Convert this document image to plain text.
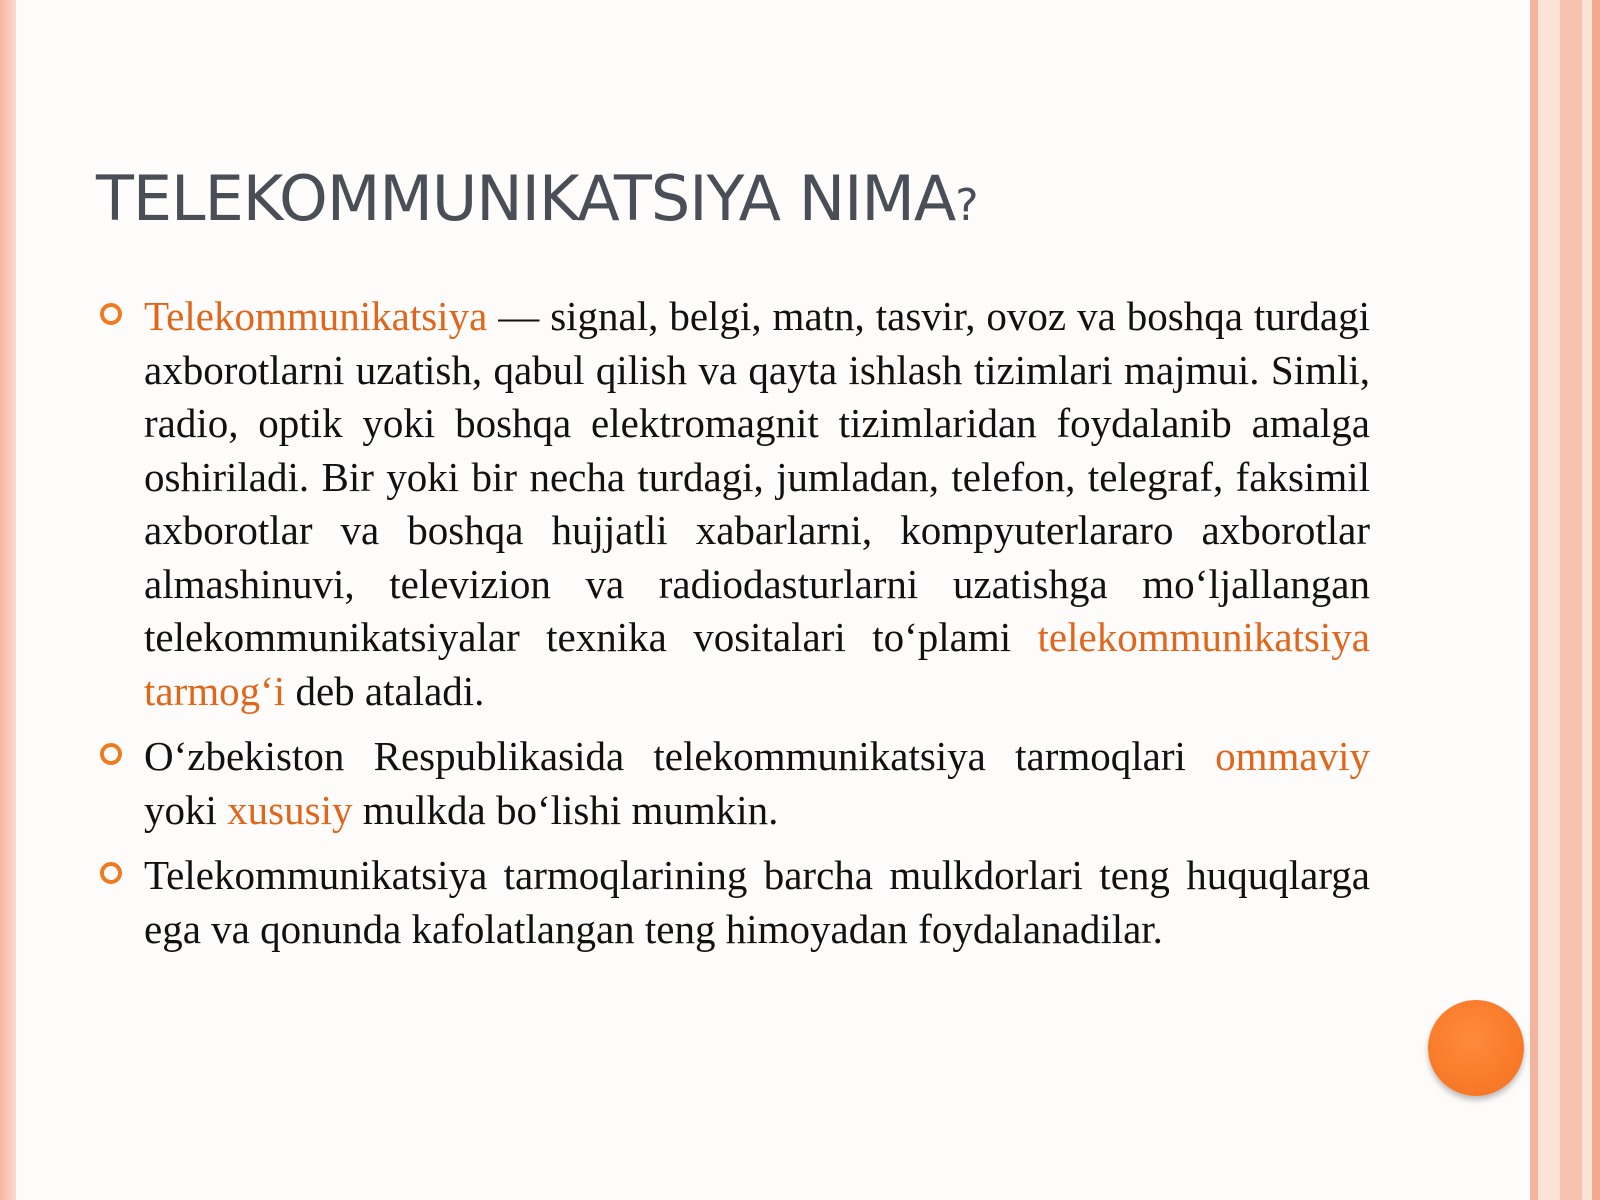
TELEKOMMUNIKATSIYA NIMA?
Telekommunikatsiya — signal, belgi, matn, tasvir, ovoz va boshqa turdagi axborotlarni uzatish, qabul qilish va qayta ishlash tizimlari majmui. Simli, radio, optik yoki boshqa elektromagnit tizimlaridan foydalanib amalga oshiriladi. Bir yoki bir necha turdagi, jumladan, telefon, telegraf, faksimil axborotlar va boshqa hujjatli xabarlarni, kompyuterlararo axborotlar almashinuvi, televizion va radiodasturlarni uzatishga mo‘ljallangan telekommunikatsiyalar texnika vositalari to‘plami telekommunikatsiya tarmog‘i deb ataladi.
O‘zbekiston Respublikasida telekommunikatsiya tarmoqlari ommaviy yoki xususiy mulkda bo‘lishi mumkin.
Telekommunikatsiya tarmoqlarining barcha mulkdorlari teng huquqlarga ega va qonunda kafolatlangan teng himoyadan foydalanadilar.
